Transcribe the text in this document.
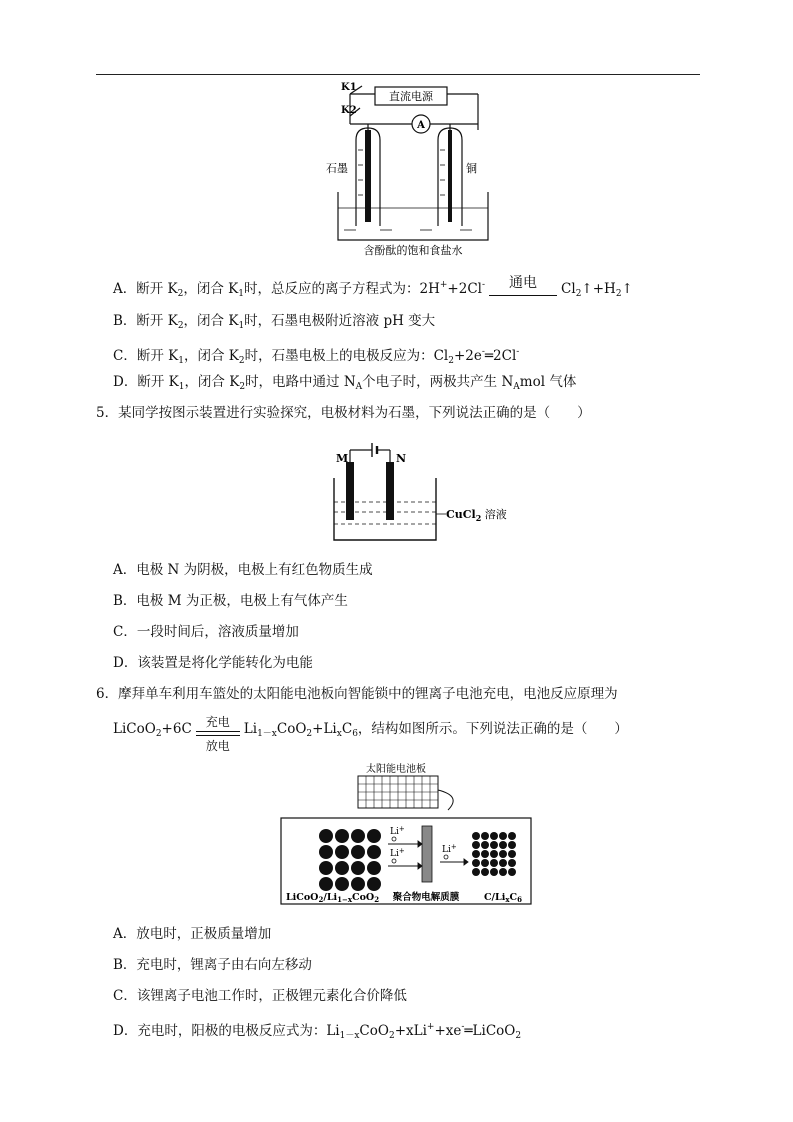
K1
K2
直流电源
A
石墨	铜
含酚酞的饱和食盐水
A．断开 $K_2$，闭合 $K_1$时，总反应的离子方程式为：2H++2Cl-	通电	$Cl_2↑+H_2↑$
B．断开 $K_2$，闭合 $K_1$时，石墨电极附近溶液 pH 变大
C．断开 $K_1$，闭合 $K_2$时，石墨电极上的电极反应为：$Cl_2+2e^-═2Cl^-$
D．断开 $K_1$，闭合 $K_2$时，电路中通过 $N_A$个电子时，两极共产生 $N_Amol$ 气体
5．某同学按图示装置进行实验探究，电极材料为石墨，下列说法正确的是（　　）
M	N
CuCl$_2$ 溶液
A．电极 N 为阴极，电极上有红色物质生成
B．电极 M 为正极，电极上有气体产生
C．一段时间后，溶液质量增加
D．该装置是将化学能转化为电能
6．摩拜单车利用车篮处的太阳能电池板向智能锁中的锂离子电池充电，电池反应原理为
LiCoO$_2$+6C	充电
放电
$Li_{1-x}CoO_2+Li_xC_6$，结构如图所示。下列说法正确的是（　　）
太阳能电池板
Li+
Li+	Li+
$LiCoO_2/Li_{1-x}CoO_2$ 聚合物电解质膜	$C/Li_xC_6$
A．放电时，正极质量增加
B．充电时，锂离子由右向左移动
C．该锂离子电池工作时，正极锂元素化合价降低
D．充电时，阳极的电极反应式为：$Li_{1-x}CoO_2+xLi^++xe^-═LiCoO_2$
